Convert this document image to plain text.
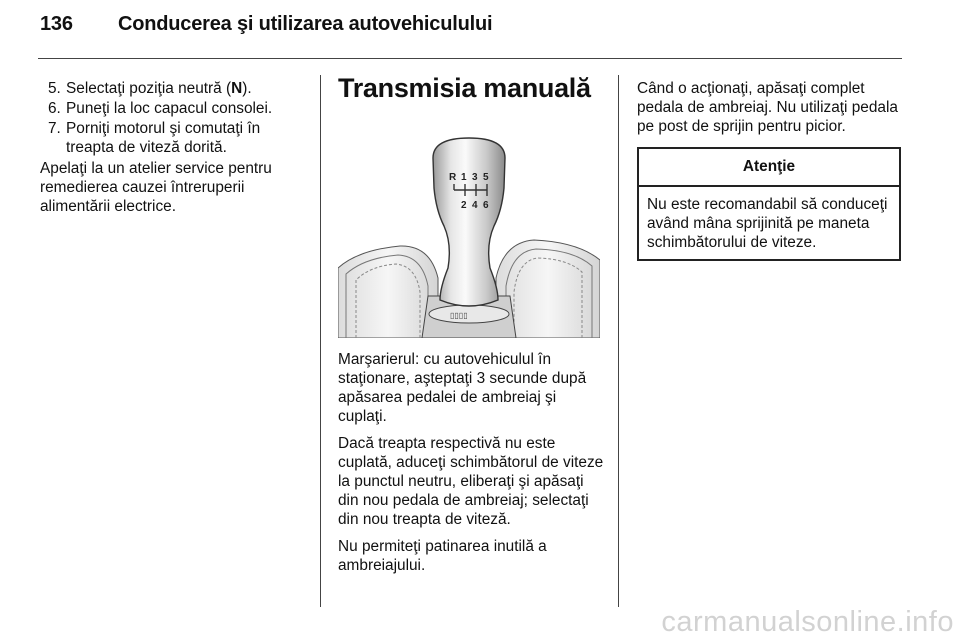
136 Conducerea şi utilizarea autovehiculului
5. Selectaţi poziţia neutră (N).
6. Puneţi la loc capacul consolei.
7. Porniţi motorul şi comutaţi în treapta de viteză dorită.

Apelaţi la un atelier service pentru remedierea cauzei întreruperii alimentării electrice.

Transmisia manuală
▯▯▯▯
R 1 3 5
2 4 6

Marşarierul: cu autovehiculul în staţionare, aşteptaţi 3 secunde după apăsarea pedalei de ambreiaj şi cuplaţi.

Dacă treapta respectivă nu este cuplată, aduceţi schimbătorul de viteze la punctul neutru, eliberaţi şi apăsaţi din nou pedala de ambreiaj; selectaţi din nou treapta de viteză.

Nu permiteţi patinarea inutilă a ambreiajului.

Când o acţionaţi, apăsaţi complet pedala de ambreiaj. Nu utilizaţi pedala pe post de sprijin pentru picior.

Atenţie
Nu este recomandabil să conduceţi având mâna sprijinită pe maneta schimbătorului de viteze.
carmanualsonline.info
